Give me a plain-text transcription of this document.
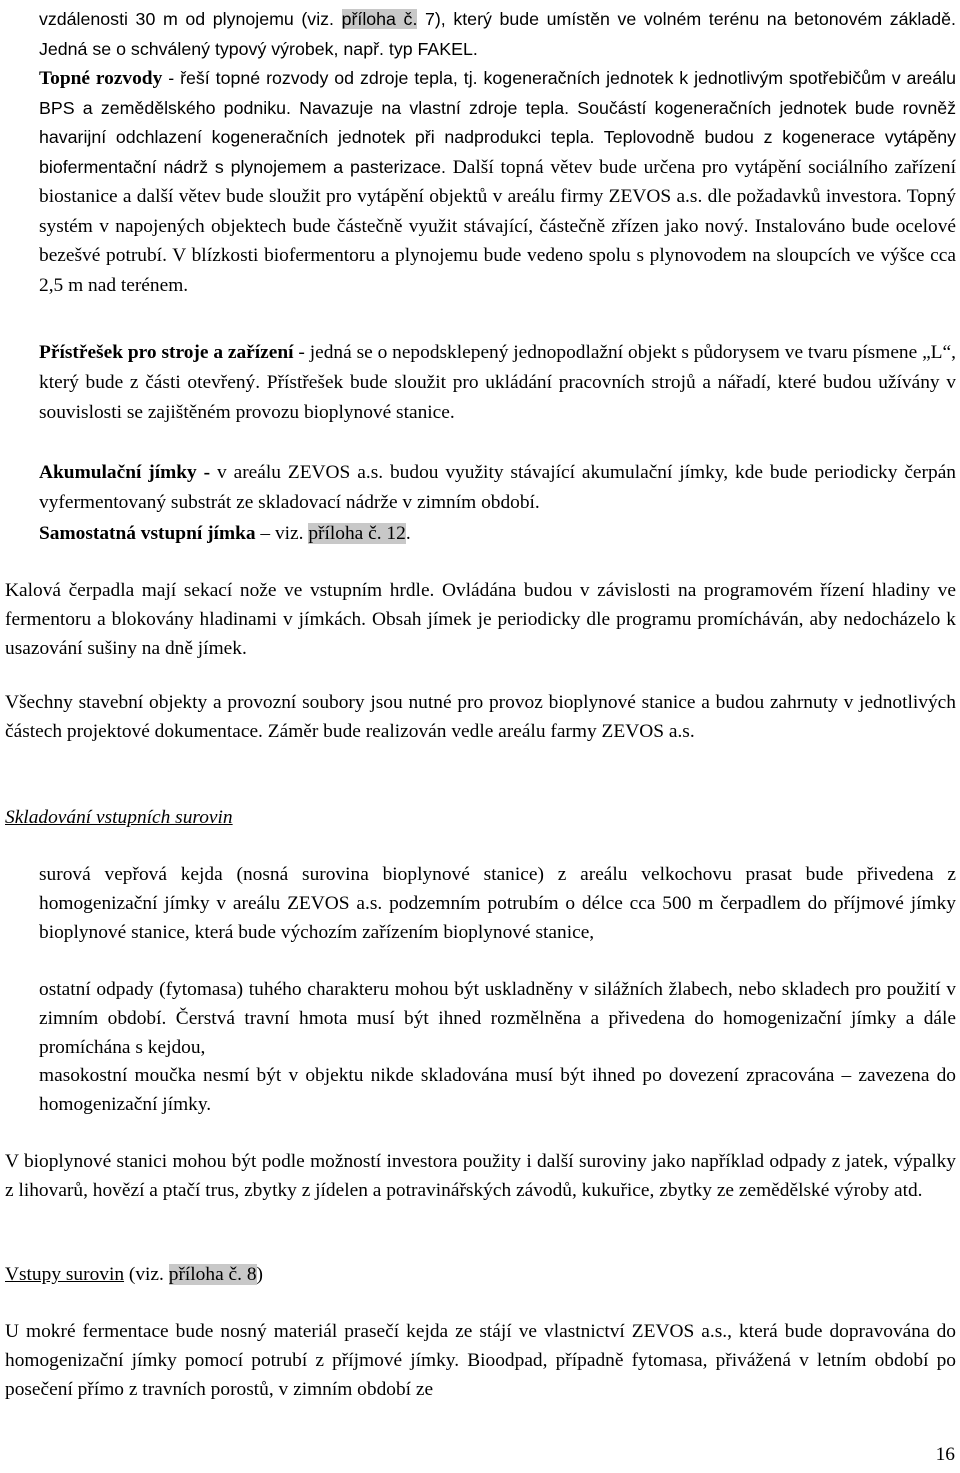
vzdálenosti 30 m od plynojemu (viz. příloha č. 7), který bude umístěn ve volném terénu na betonovém základě. Jedná se o schválený typový výrobek, např. typ FAKEL.
Topné rozvody - řeší topné rozvody od zdroje tepla, tj. kogeneračních jednotek k jednotlivým spotřebičům v areálu BPS a zemědělského podniku. Navazuje na vlastní zdroje tepla. Součástí kogeneračních jednotek bude rovněž havarijní odchlazení kogeneračních jednotek při nadprodukci tepla. Teplovodně budou z kogenerace vytápěny biofermentační nádrž s plynojemem a pasterizace. Další topná větev bude určena pro vytápění sociálního zařízení biostanice a další větev bude sloužit pro vytápění objektů v areálu firmy ZEVOS a.s. dle požadavků investora. Topný systém v napojených objektech bude částečně využit stávající, částečně zřízen jako nový. Instalováno bude ocelové bezešvé potrubí. V blízkosti biofermentoru a plynojemu bude vedeno spolu s plynovodem na sloupcích ve výšce cca 2,5 m nad terénem.
Přístřešek pro stroje a zařízení - jedná se o nepodsklepený jednopodlažní objekt s půdorysem ve tvaru písmene „L“, který bude z části otevřený. Přístřešek bude sloužit pro ukládání pracovních strojů a nářadí, které budou užívány v souvislosti se zajištěném provozu bioplynové stanice.
Akumulační jímky - v areálu ZEVOS a.s. budou využity stávající akumulační jímky, kde bude periodicky čerpán vyfermentovaný substrát ze skladovací nádrže v zimním období.
Samostatná vstupní jímka – viz. příloha č. 12.
Kalová čerpadla mají sekací nože ve vstupním hrdle. Ovládána budou v závislosti na programovém řízení hladiny ve fermentoru a blokovány hladinami v jímkách. Obsah jímek je periodicky dle programu promícháván, aby nedocházelo k usazování sušiny na dně jímek.
Všechny stavební objekty a provozní soubory jsou nutné pro provoz bioplynové stanice a budou zahrnuty v jednotlivých částech projektové dokumentace. Záměr bude realizován vedle areálu farmy ZEVOS a.s.
Skladování vstupních surovin
surová vepřová kejda (nosná surovina bioplynové stanice) z areálu velkochovu prasat bude přivedena z homogenizační jímky v areálu ZEVOS a.s. podzemním potrubím o délce cca 500 m čerpadlem do příjmové jímky bioplynové stanice, která bude výchozím zařízením bioplynové stanice,
ostatní odpady (fytomasa) tuhého charakteru mohou být uskladněny v silážních žlabech, nebo skladech pro použití v zimním období. Čerstvá travní hmota musí být ihned rozmělněna a přivedena do homogenizační jímky a dále promíchána s kejdou,
masokostní moučka nesmí být v objektu nikde skladována musí být ihned po dovezení zpracována – zavezena do homogenizační jímky.
V bioplynové stanici mohou být podle možností investora použity i další suroviny jako například odpady z jatek, výpalky z lihovarů, hovězí a ptačí trus, zbytky z jídelen a potravinářských závodů, kukuřice, zbytky ze zemědělské výroby atd.
Vstupy surovin (viz. příloha č. 8)
U mokré fermentace bude nosný materiál prasečí kejda ze stájí ve vlastnictví ZEVOS a.s., která bude dopravována do homogenizační jímky pomocí potrubí z příjmové jímky. Bioodpad, případně fytomasa, přivážená v letním období po posečení přímo z travních porostů, v zimním období ze
16
